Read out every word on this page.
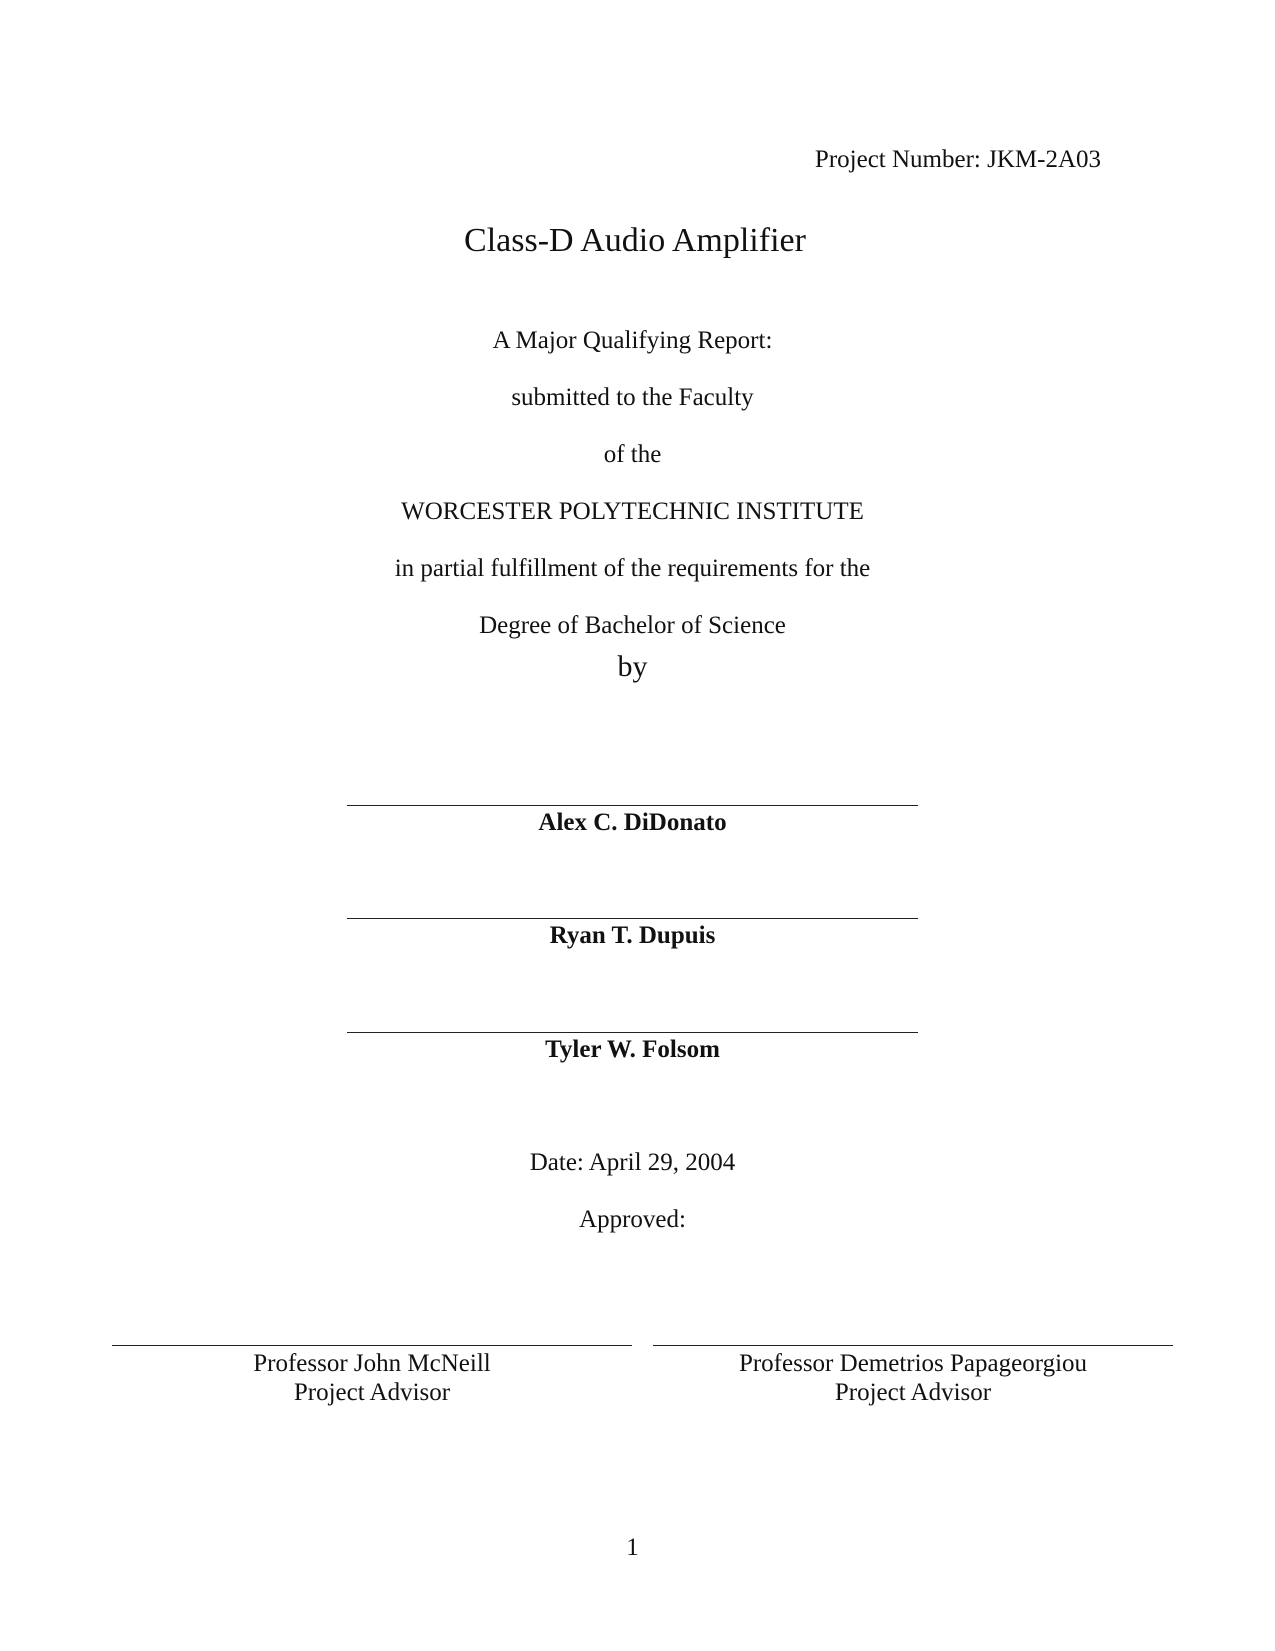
Project Number: JKM-2A03
Class-D Audio Amplifier
A Major Qualifying Report:
submitted to the Faculty
of the
WORCESTER POLYTECHNIC INSTITUTE
in partial fulfillment of the requirements for the
Degree of Bachelor of Science
by
Alex C. DiDonato
Ryan T. Dupuis
Tyler W. Folsom
Date: April 29, 2004
Approved:
Professor John McNeill
Project Advisor
Professor Demetrios Papageorgiou
Project Advisor
1
